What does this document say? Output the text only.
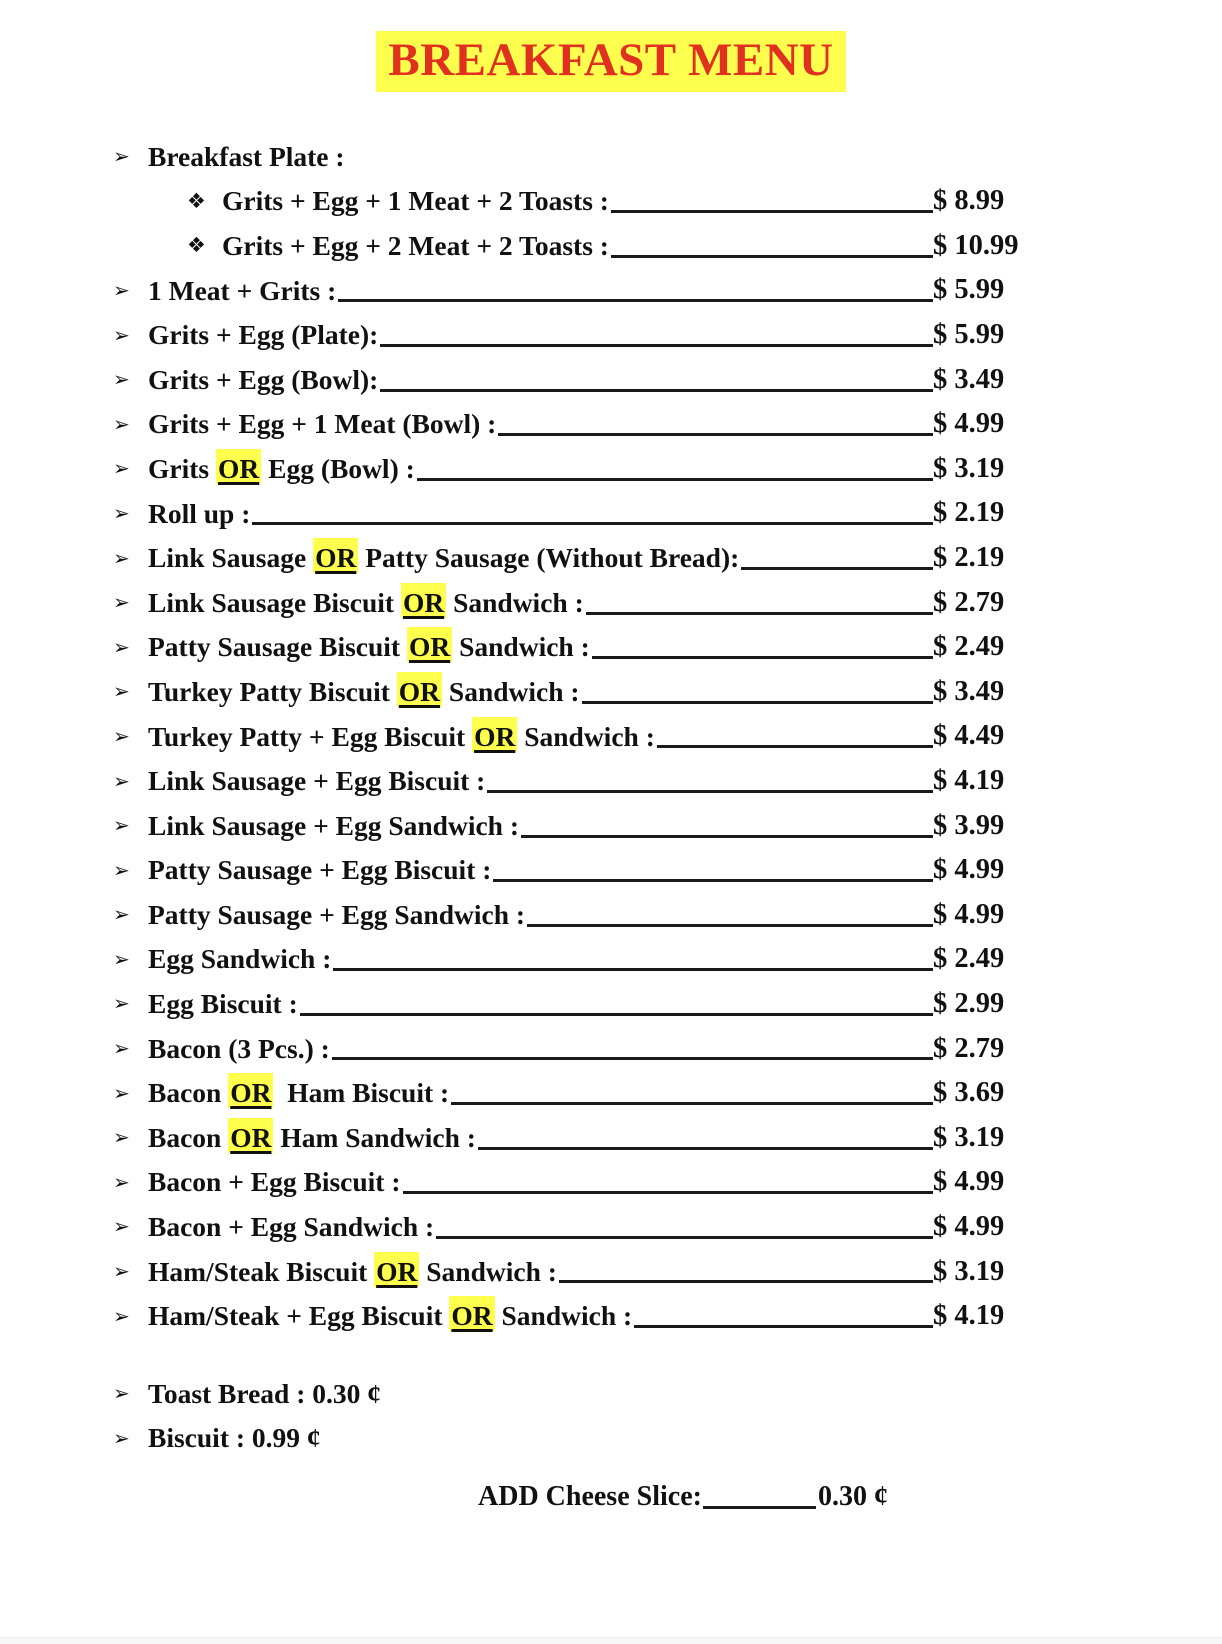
BREAKFAST MENU
➢ Breakfast Plate :
❖ Grits + Egg + 1 Meat + 2 Toasts :	$ 8.99
❖ Grits + Egg + 2 Meat + 2 Toasts :	$ 10.99
➢ 1 Meat + Grits :	$ 5.99
➢ Grits + Egg (Plate):	$ 5.99
➢ Grits + Egg (Bowl):	$ 3.49
➢ Grits + Egg + 1 Meat (Bowl) :	$ 4.99
➢ Grits OR Egg (Bowl) :	$ 3.19
➢ Roll up :	$ 2.19
➢ Link Sausage OR Patty Sausage (Without Bread):	$ 2.19
➢ Link Sausage Biscuit OR Sandwich :	$ 2.79
➢ Patty Sausage Biscuit OR Sandwich :	$ 2.49
➢ Turkey Patty Biscuit OR Sandwich :	$ 3.49
➢ Turkey Patty + Egg Biscuit OR Sandwich :	$ 4.49
➢ Link Sausage + Egg Biscuit :	$ 4.19
➢ Link Sausage + Egg Sandwich :	$ 3.99
➢ Patty Sausage + Egg Biscuit :	$ 4.99
➢ Patty Sausage + Egg Sandwich :	$ 4.99
➢ Egg Sandwich :	$ 2.49
➢ Egg Biscuit :	$ 2.99
➢ Bacon (3 Pcs.) :	$ 2.79
➢ Bacon OR  Ham Biscuit :	$ 3.69
➢ Bacon OR Ham Sandwich :	$ 3.19
➢ Bacon + Egg Biscuit :	$ 4.99
➢ Bacon + Egg Sandwich :	$ 4.99
➢ Ham/Steak Biscuit OR Sandwich :	$ 3.19
➢ Ham/Steak + Egg Biscuit OR Sandwich :	$ 4.19
➢ Toast Bread : 0.30 ¢
➢ Biscuit : 0.99 ¢
ADD Cheese Slice:	0.30 ¢
